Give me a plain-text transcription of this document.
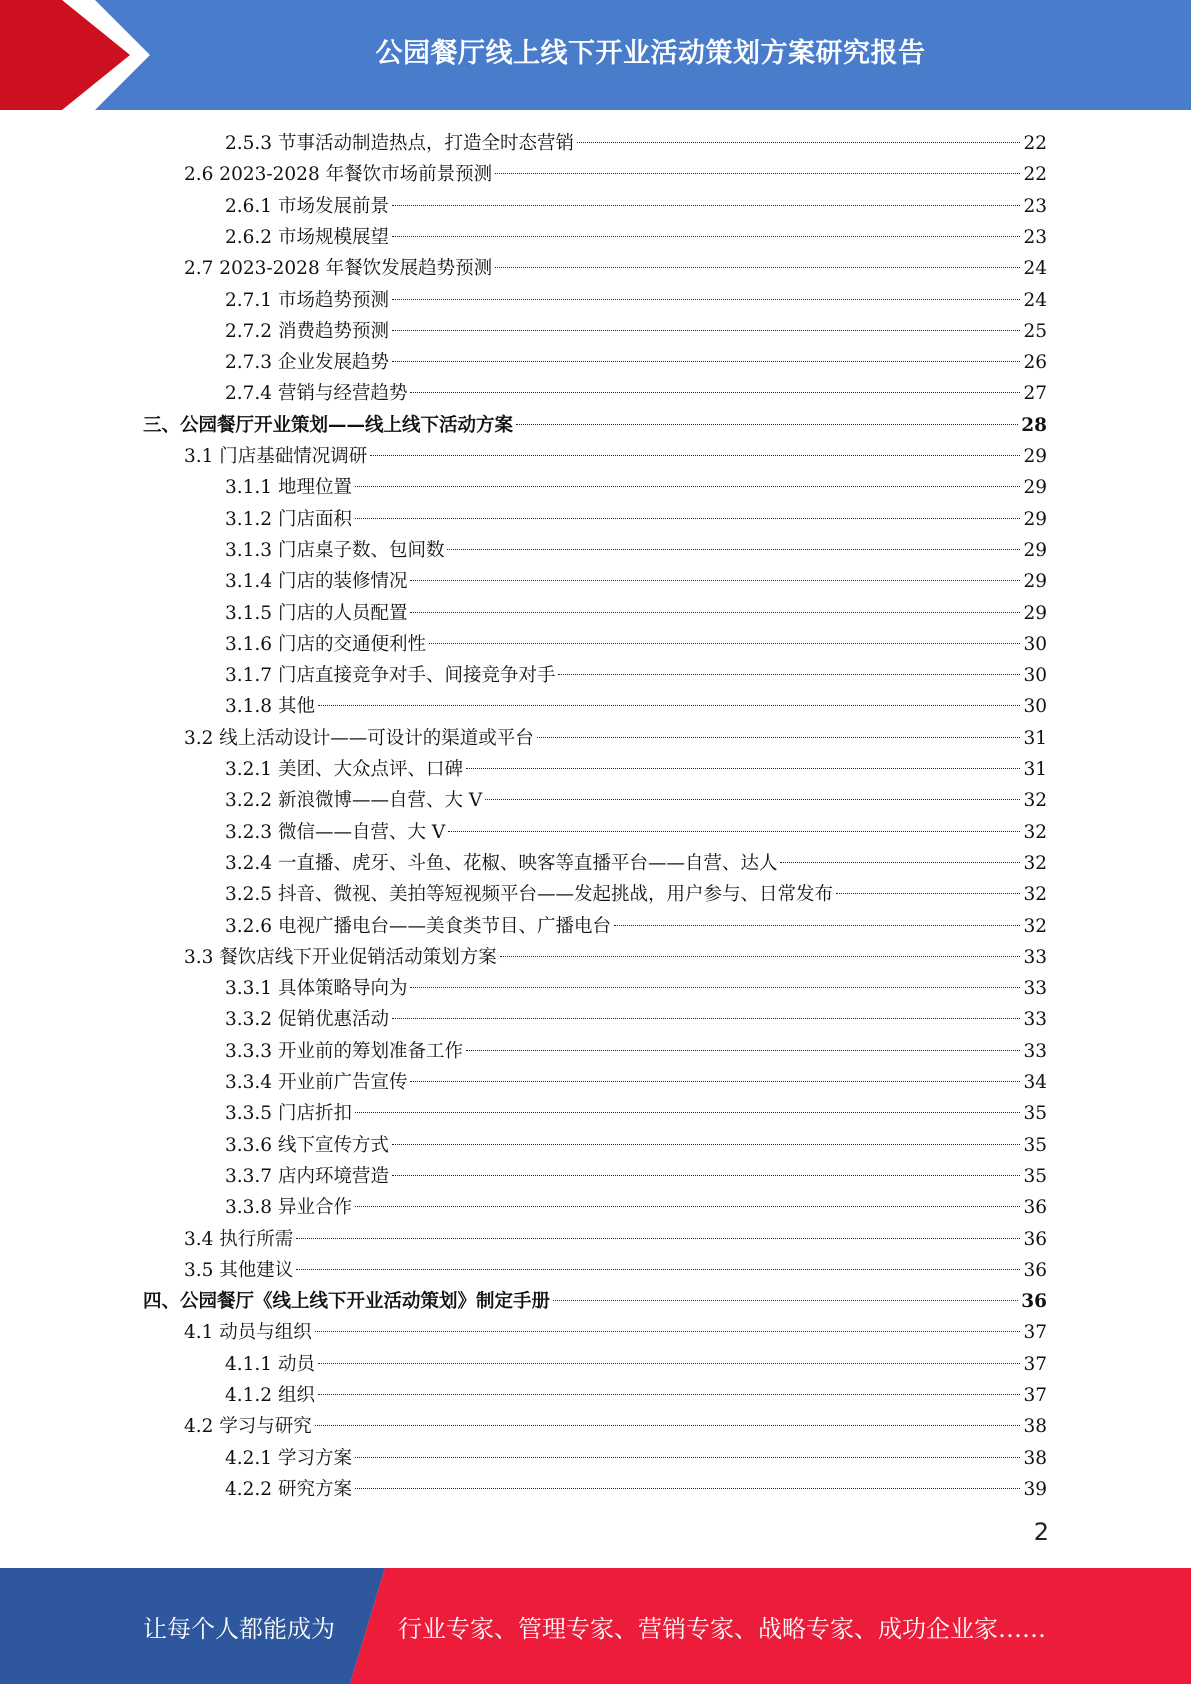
公园餐厅线上线下开业活动策划方案研究报告
2.5.3 节事活动制造热点，打造全时态营销	22
2.6 2023-2028 年餐饮市场前景预测	22
2.6.1 市场发展前景	23
2.6.2 市场规模展望	23
2.7 2023-2028 年餐饮发展趋势预测	24
2.7.1 市场趋势预测	24
2.7.2 消费趋势预测	25
2.7.3 企业发展趋势	26
2.7.4 营销与经营趋势	27
三、公园餐厅开业策划——线上线下活动方案	28
3.1 门店基础情况调研	29
3.1.1 地理位置	29
3.1.2 门店面积	29
3.1.3 门店桌子数、包间数	29
3.1.4 门店的装修情况	29
3.1.5 门店的人员配置	29
3.1.6 门店的交通便利性	30
3.1.7 门店直接竞争对手、间接竞争对手	30
3.1.8 其他	30
3.2 线上活动设计——可设计的渠道或平台	31
3.2.1 美团、大众点评、口碑	31
3.2.2 新浪微博——自营、大 V	32
3.2.3 微信——自营、大 V	32
3.2.4 一直播、虎牙、斗鱼、花椒、映客等直播平台——自营、达人	32
3.2.5 抖音、微视、美拍等短视频平台——发起挑战，用户参与、日常发布	32
3.2.6 电视广播电台——美食类节目、广播电台	32
3.3 餐饮店线下开业促销活动策划方案	33
3.3.1 具体策略导向为	33
3.3.2 促销优惠活动	33
3.3.3 开业前的筹划准备工作	33
3.3.4 开业前广告宣传	34
3.3.5 门店折扣	35
3.3.6 线下宣传方式	35
3.3.7 店内环境营造	35
3.3.8 异业合作	36
3.4 执行所需	36
3.5 其他建议	36
四、公园餐厅《线上线下开业活动策划》制定手册	36
4.1 动员与组织	37
4.1.1 动员	37
4.1.2 组织	37
4.2 学习与研究	38
4.2.1 学习方案	38
4.2.2 研究方案	39
2
让每个人都能成为	行业专家、管理专家、营销专家、战略专家、成功企业家……
